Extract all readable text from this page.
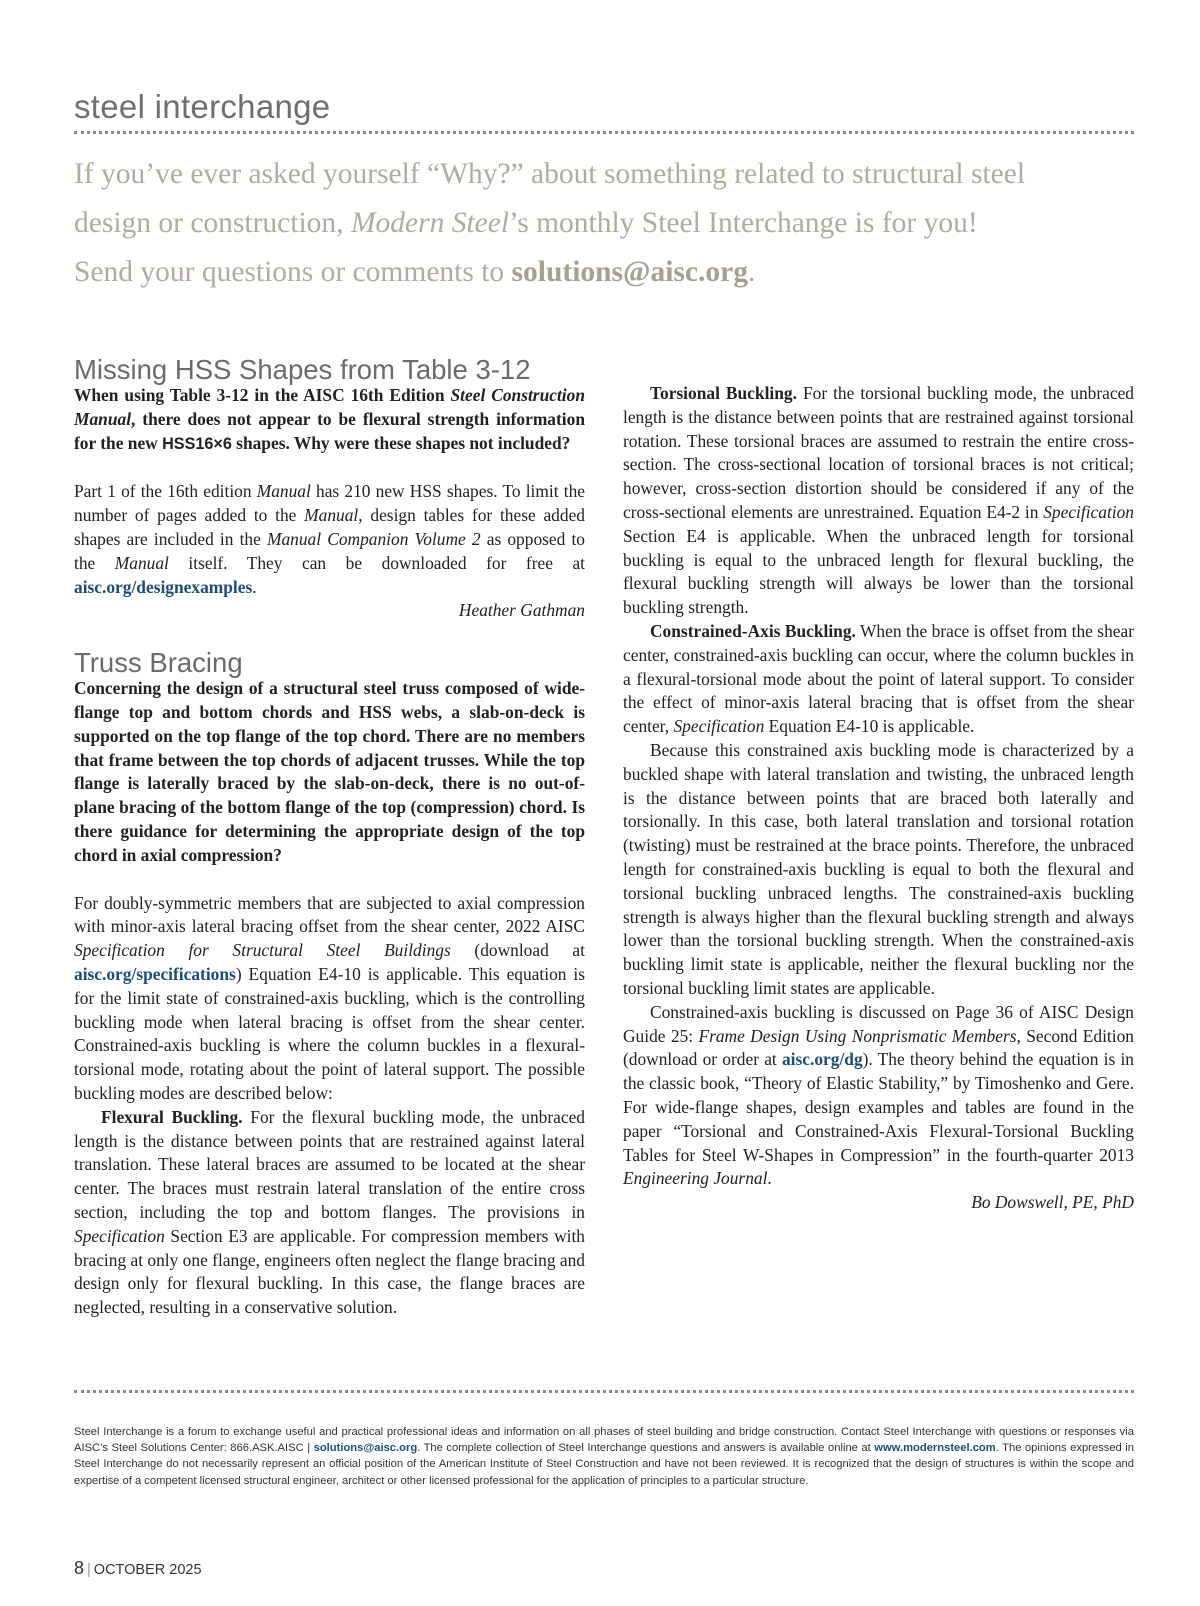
steel interchange

If you’ve ever asked yourself “Why?” about something related to structural steel
design or construction, Modern Steel’s monthly Steel Interchange is for you!
Send your questions or comments to solutions@aisc.org.

Missing HSS Shapes from Table 3-12

When using Table 3-12 in the AISC 16th Edition Steel Construction Manual, there does not appear to be flexural strength information for the new HSS16×6 shapes. Why were these shapes not included?

Part 1 of the 16th edition Manual has 210 new HSS shapes. To limit the number of pages added to the Manual, design tables for these added shapes are included in the Manual Companion Volume 2 as opposed to the Manual itself. They can be downloaded for free at aisc.org/designexamples.

Heather Gathman

Truss Bracing

Concerning the design of a structural steel truss composed of wide-flange top and bottom chords and HSS webs, a slab-on-deck is supported on the top flange of the top chord. There are no members that frame between the top chords of adjacent trusses. While the top flange is laterally braced by the slab-on-deck, there is no out-of-plane bracing of the bottom flange of the top (compression) chord. Is there guidance for determining the appropriate design of the top chord in axial compression?

For doubly-symmetric members that are subjected to axial compression with minor-axis lateral bracing offset from the shear center, 2022 AISC Specification for Structural Steel Buildings (download at aisc.org/specifications) Equation E4-10 is applicable. This equation is for the limit state of constrained-axis buckling, which is the controlling buckling mode when lateral bracing is offset from the shear center. Constrained-axis buckling is where the column buckles in a flexural-torsional mode, rotating about the point of lateral support. The possible buckling modes are described below:

Flexural Buckling. For the flexural buckling mode, the unbraced length is the distance between points that are restrained against lateral translation. These lateral braces are assumed to be located at the shear center. The braces must restrain lateral translation of the entire cross section, including the top and bottom flanges. The provisions in Specification Section E3 are applicable. For compression members with bracing at only one flange, engineers often neglect the flange bracing and design only for flexural buckling. In this case, the flange braces are neglected, resulting in a conservative solution.

Torsional Buckling. For the torsional buckling mode, the unbraced length is the distance between points that are restrained against torsional rotation. These torsional braces are assumed to restrain the entire cross-section. The cross-sectional location of torsional braces is not critical; however, cross-section distortion should be considered if any of the cross-sectional elements are unrestrained. Equation E4-2 in Specification Section E4 is applicable. When the unbraced length for torsional buckling is equal to the unbraced length for flexural buckling, the flexural buckling strength will always be lower than the torsional buckling strength.

Constrained-Axis Buckling. When the brace is offset from the shear center, constrained-axis buckling can occur, where the column buckles in a flexural-torsional mode about the point of lateral support. To consider the effect of minor-axis lateral bracing that is offset from the shear center, Specification Equation E4-10 is applicable.

Because this constrained axis buckling mode is characterized by a buckled shape with lateral translation and twisting, the unbraced length is the distance between points that are braced both laterally and torsionally. In this case, both lateral translation and torsional rotation (twisting) must be restrained at the brace points. Therefore, the unbraced length for constrained-axis buckling is equal to both the flexural and torsional buckling unbraced lengths. The constrained-axis buckling strength is always higher than the flexural buckling strength and always lower than the torsional buckling strength. When the constrained-axis buckling limit state is applicable, neither the flexural buckling nor the torsional buckling limit states are applicable.

Constrained-axis buckling is discussed on Page 36 of AISC Design Guide 25: Frame Design Using Nonprismatic Members, Second Edition (download or order at aisc.org/dg). The theory behind the equation is in the classic book, “Theory of Elastic Stability,” by Timoshenko and Gere. For wide-flange shapes, design examples and tables are found in the paper “Torsional and Constrained-Axis Flexural-Torsional Buckling Tables for Steel W-Shapes in Compression” in the fourth-quarter 2013 Engineering Journal.

Bo Dowswell, PE, PhD

Steel Interchange is a forum to exchange useful and practical professional ideas and information on all phases of steel building and bridge construction. Contact Steel Interchange with questions or responses via AISC’s Steel Solutions Center: 866.ASK.AISC | solutions@aisc.org. The complete collection of Steel Interchange questions and answers is available online at www.modernsteel.com. The opinions expressed in Steel Interchange do not necessarily represent an official position of the American Institute of Steel Construction and have not been reviewed. It is recognized that the design of structures is within the scope and expertise of a competent licensed structural engineer, architect or other licensed professional for the application of principles to a particular structure.

8 | OCTOBER 2025
